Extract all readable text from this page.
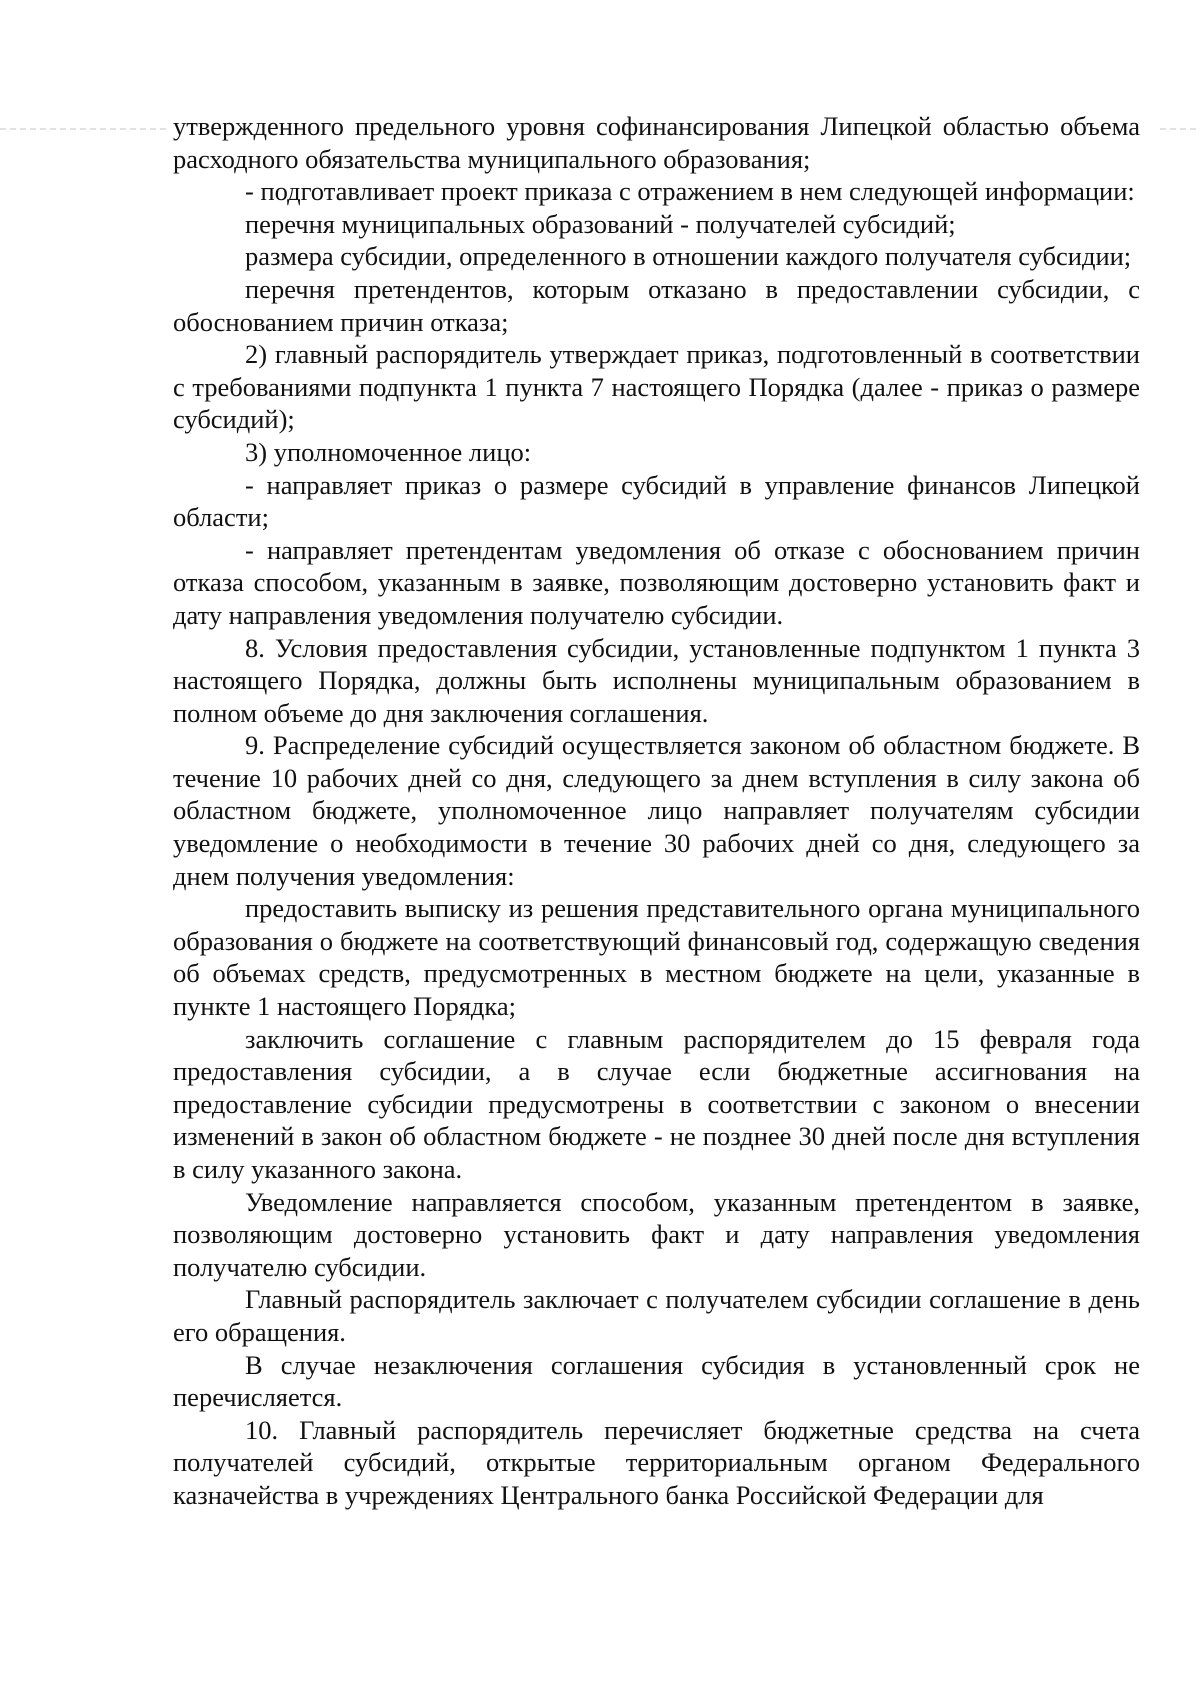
утвержденного предельного уровня софинансирования Липецкой областью объема расходного обязательства муниципального образования;

- подготавливает проект приказа с отражением в нем следующей информации:

перечня муниципальных образований - получателей субсидий;

размера субсидии, определенного в отношении каждого получателя субсидии;

перечня претендентов, которым отказано в предоставлении субсидии, с обоснованием причин отказа;

2) главный распорядитель утверждает приказ, подготовленный в соответствии с требованиями подпункта 1 пункта 7 настоящего Порядка (далее - приказ о размере субсидий);

3) уполномоченное лицо:

- направляет приказ о размере субсидий в управление финансов Липецкой области;

- направляет претендентам уведомления об отказе с обоснованием причин отказа способом, указанным в заявке, позволяющим достоверно установить факт и дату направления уведомления получателю субсидии.

8. Условия предоставления субсидии, установленные подпунктом 1 пункта 3 настоящего Порядка, должны быть исполнены муниципальным образованием в полном объеме до дня заключения соглашения.

9. Распределение субсидий осуществляется законом об областном бюджете. В течение 10 рабочих дней со дня, следующего за днем вступления в силу закона об областном бюджете, уполномоченное лицо направляет получателям субсидии уведомление о необходимости в течение 30 рабочих дней со дня, следующего за днем получения уведомления:

предоставить выписку из решения представительного органа муниципального образования о бюджете на соответствующий финансовый год, содержащую сведения об объемах средств, предусмотренных в местном бюджете на цели, указанные в пункте 1 настоящего Порядка;

заключить соглашение с главным распорядителем до 15 февраля года предоставления субсидии, а в случае если бюджетные ассигнования на предоставление субсидии предусмотрены в соответствии с законом о внесении изменений в закон об областном бюджете - не позднее 30 дней после дня вступления в силу указанного закона.

Уведомление направляется способом, указанным претендентом в заявке, позволяющим достоверно установить факт и дату направления уведомления получателю субсидии.

Главный распорядитель заключает с получателем субсидии соглашение в день его обращения.

В случае незаключения соглашения субсидия в установленный срок не перечисляется.

10. Главный распорядитель перечисляет бюджетные средства на счета получателей субсидий, открытые территориальным органом Федерального казначейства в учреждениях Центрального банка Российской Федерации для
